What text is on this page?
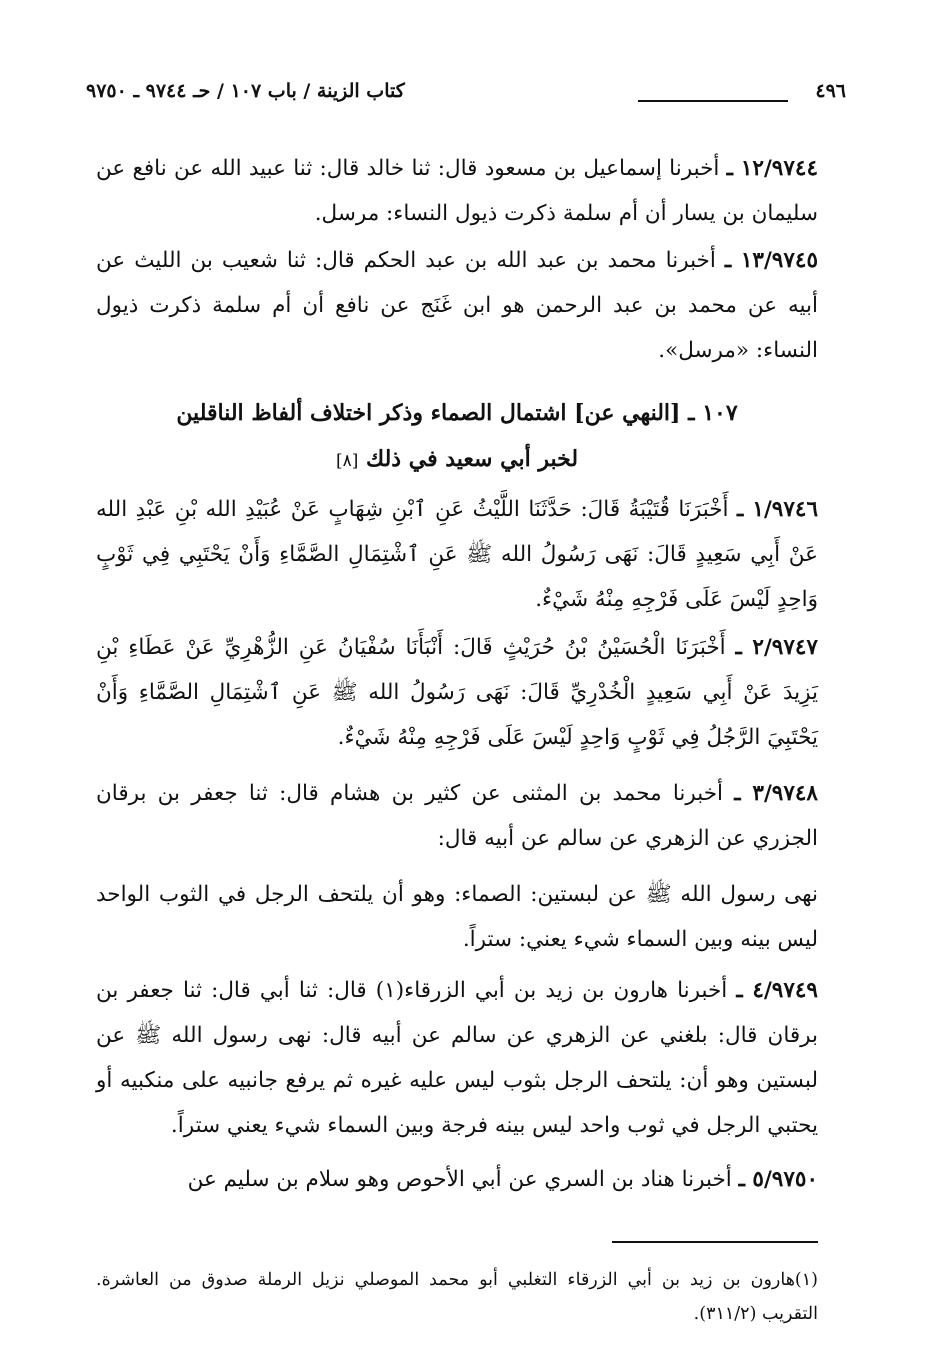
٤٩٦
كتاب الزينة / باب ١٠٧ / حـ ٩٧٤٤ ـ ٩٧٥٠
١٢/٩٧٤٤ ـ أخبرنا إسماعيل بن مسعود قال: ثنا خالد قال: ثنا عبيد الله عن نافع عن سليمان بن يسار أن أم سلمة ذكرت ذيول النساء: مرسل.
١٣/٩٧٤٥ ـ أخبرنا محمد بن عبد الله بن عبد الحكم قال: ثنا شعيب بن الليث عن أبيه عن محمد بن عبد الرحمن هو ابن غَنَج عن نافع أن أم سلمة ذكرت ذيول النساء: «مرسل».
١٠٧ ـ [النهي عن] اشتمال الصماء وذكر اختلاف ألفاظ الناقلين
لخبر أبي سعيد في ذلك [٨]
١/٩٧٤٦ ـ أَخْبَرَنَا قُتَيْبَةُ قَالَ: حَدَّثَنَا اللَّيْثُ عَنِ ٱبْنِ شِهَابٍ عَنْ عُبَيْدِ الله بْنِ عَبْدِ الله عَنْ أَبِي سَعِيدٍ قَالَ: نَهَى رَسُولُ الله ﷺ عَنِ ٱشْتِمَالِ الصَّمَّاءِ وَأَنْ يَحْتَبِي فِي ثَوْبٍ وَاحِدٍ لَيْسَ عَلَى فَرْجِهِ مِنْهُ شَيْءٌ.
٢/٩٧٤٧ ـ أَخْبَرَنَا الْحُسَيْنُ بْنُ حُرَيْثٍ قَالَ: أَنْبَأَنَا سُفْيَانُ عَنِ الزُّهْرِيِّ عَنْ عَطَاءِ بْنِ يَزِيدَ عَنْ أَبِي سَعِيدٍ الْخُدْرِيِّ قَالَ: نَهَى رَسُولُ الله ﷺ عَنِ ٱشْتِمَالِ الصَّمَّاءِ وَأَنْ يَحْتَبِيَ الرَّجُلُ فِي ثَوْبٍ وَاحِدٍ لَيْسَ عَلَى فَرْجِهِ مِنْهُ شَيْءٌ.
٣/٩٧٤٨ ـ أخبرنا محمد بن المثنى عن كثير بن هشام قال: ثنا جعفر بن برقان الجزري عن الزهري عن سالم عن أبيه قال:
نهى رسول الله ﷺ عن لبستين: الصماء: وهو أن يلتحف الرجل في الثوب الواحد ليس بينه وبين السماء شيء يعني: ستراً.
٤/٩٧٤٩ ـ أخبرنا هارون بن زيد بن أبي الزرقاء(١) قال: ثنا أبي قال: ثنا جعفر بن برقان قال: بلغني عن الزهري عن سالم عن أبيه قال: نهى رسول الله ﷺ عن لبستين وهو أن: يلتحف الرجل بثوب ليس عليه غيره ثم يرفع جانبيه على منكبيه أو يحتبي الرجل في ثوب واحد ليس بينه فرجة وبين السماء شيء يعني ستراً.
٥/٩٧٥٠ ـ أخبرنا هناد بن السري عن أبي الأحوص وهو سلام بن سليم عن
(١)هارون بن زيد بن أبي الزرقاء التغلبي أبو محمد الموصلي نزيل الرملة صدوق من العاشرة. التقريب (٣١١/٢).
